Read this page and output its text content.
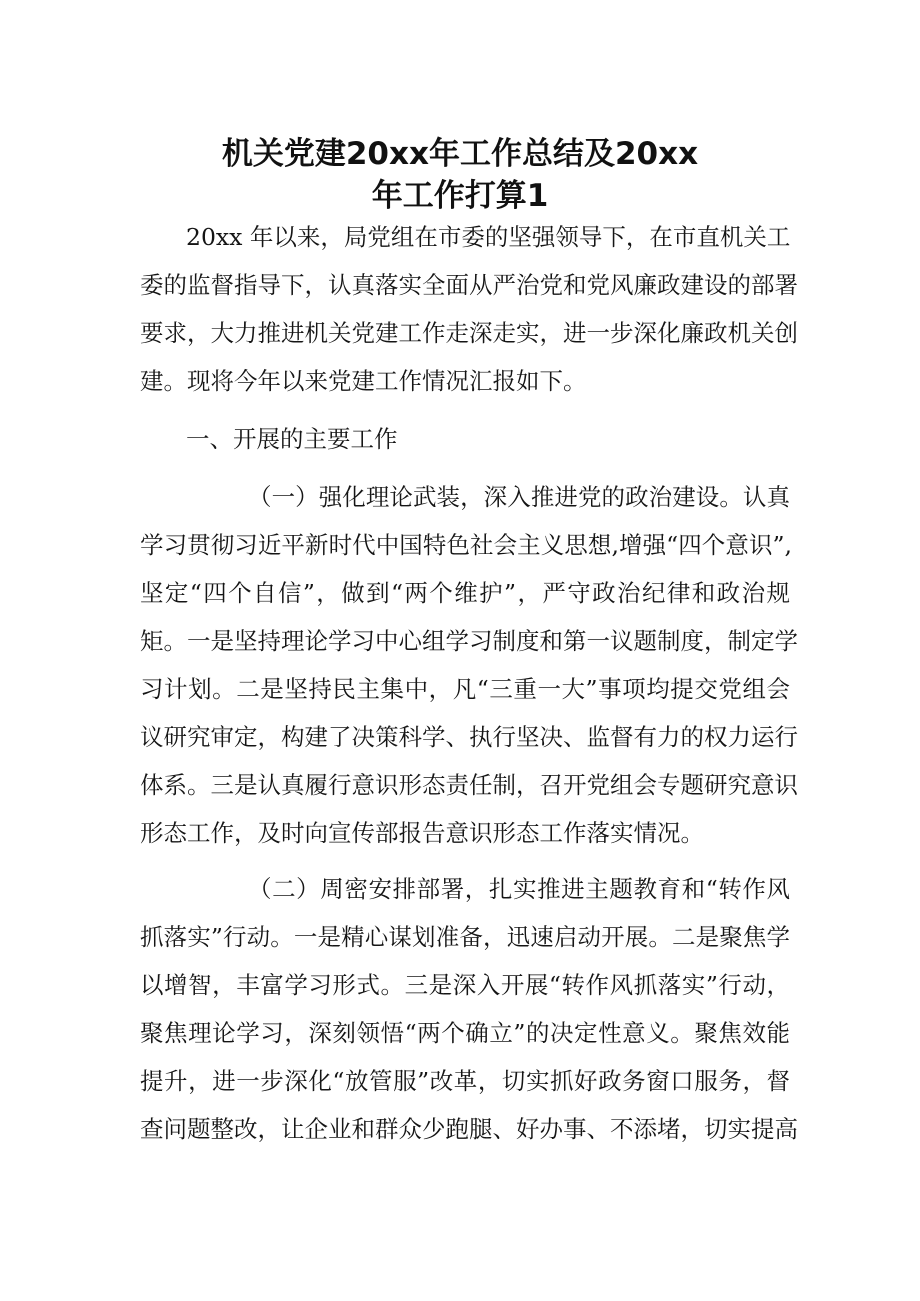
机关党建20xx年工作总结及20xx
年工作打算1
20xx 年以来，局党组在市委的坚强领导下，在市直机关工
委的监督指导下，认真落实全面从严治党和党风廉政建设的部署
要求，大力推进机关党建工作走深走实，进一步深化廉政机关创
建。现将今年以来党建工作情况汇报如下。
一、开展的主要工作
（一）强化理论武装，深入推进党的政治建设。认真
学习贯彻习近平新时代中国特色社会主义思想,增强“四个意识”,
坚定“四个自信”，做到“两个维护”，严守政治纪律和政治规
矩。一是坚持理论学习中心组学习制度和第一议题制度，制定学
习计划。二是坚持民主集中，凡“三重一大”事项均提交党组会
议研究审定，构建了决策科学、执行坚决、监督有力的权力运行
体系。三是认真履行意识形态责任制，召开党组会专题研究意识
形态工作，及时向宣传部报告意识形态工作落实情况。
（二）周密安排部署，扎实推进主题教育和“转作风
抓落实”行动。一是精心谋划准备，迅速启动开展。二是聚焦学
以增智，丰富学习形式。三是深入开展“转作风抓落实”行动，
聚焦理论学习，深刻领悟“两个确立”的决定性意义。聚焦效能
提升，进一步深化“放管服”改革，切实抓好政务窗口服务，督
查问题整改，让企业和群众少跑腿、好办事、不添堵，切实提高
